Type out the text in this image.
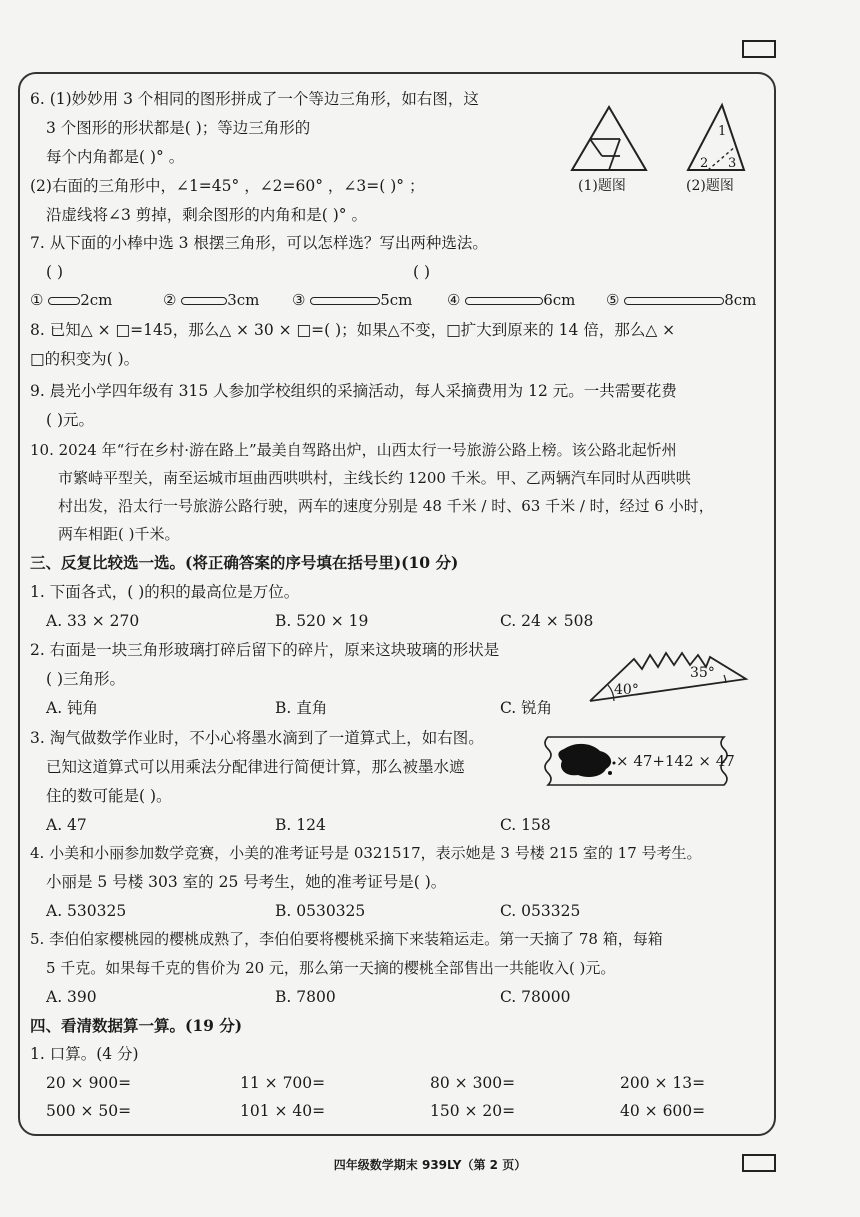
6. (1)妙妙用 3 个相同的图形拼成了一个等边三角形，如右图，这
3 个图形的形状都是( )；等边三角形的
每个内角都是( )° 。
(2)右面的三角形中，∠1=45° ，∠2=60° ，∠3=( )° ；
沿虚线将∠3 剪掉，剩余图形的内角和是( )° 。
(1)题图
1
2 3
(2)题图
7. 从下面的小棒中选 3 根摆三角形，可以怎样选？写出两种选法。
( )	( )
① 2cm	②	3cm ③	5cm ④	6cm ⑤	8cm
8. 已知△ × □=145，那么△ × 30 × □=( )；如果△不变，□扩大到原来的 14 倍，那么△ ×
□的积变为( )。
9. 晨光小学四年级有 315 人参加学校组织的采摘活动，每人采摘费用为 12 元。一共需要花费
( )元。
10. 2024 年“行在乡村·游在路上”最美自驾路出炉，山西太行一号旅游公路上榜。该公路北起忻州
市繁峙平型关，南至运城市垣曲西哄哄村，主线长约 1200 千米。甲、乙两辆汽车同时从西哄哄
村出发，沿太行一号旅游公路行驶，两车的速度分别是 48 千米 / 时、63 千米 / 时，经过 6 小时，
两车相距( )千米。
三、反复比较选一选。(将正确答案的序号填在括号里)(10 分)
1. 下面各式，( )的积的最高位是万位。
A. 33 × 270	B. 520 × 19	C. 24 × 508
2. 右面是一块三角形玻璃打碎后留下的碎片，原来这块玻璃的形状是
( )三角形。
A. 钝角	B. 直角	C. 锐角
40°
35°
3. 淘气做数学作业时，不小心将墨水滴到了一道算式上，如右图。
已知这道算式可以用乘法分配律进行简便计算，那么被墨水遮
住的数可能是( )。
A. 47	B. 124	C. 158
× 47+142 × 47
4. 小美和小丽参加数学竞赛，小美的准考证号是 0321517，表示她是 3 号楼 215 室的 17 号考生。
小丽是 5 号楼 303 室的 25 号考生，她的准考证号是( )。
A. 530325	B. 0530325	C. 053325
5. 李伯伯家樱桃园的樱桃成熟了，李伯伯要将樱桃采摘下来装箱运走。第一天摘了 78 箱，每箱
5 千克。如果每千克的售价为 20 元，那么第一天摘的樱桃全部售出一共能收入( )元。
A. 390	B. 7800	C. 78000
四、看清数据算一算。(19 分)
1. 口算。(4 分)
20 × 900=	11 × 700=	80 × 300=	200 × 13=
500 × 50=	101 × 40=	150 × 20=	40 × 600=
四年级数学期末 939LY（第 2 页）
